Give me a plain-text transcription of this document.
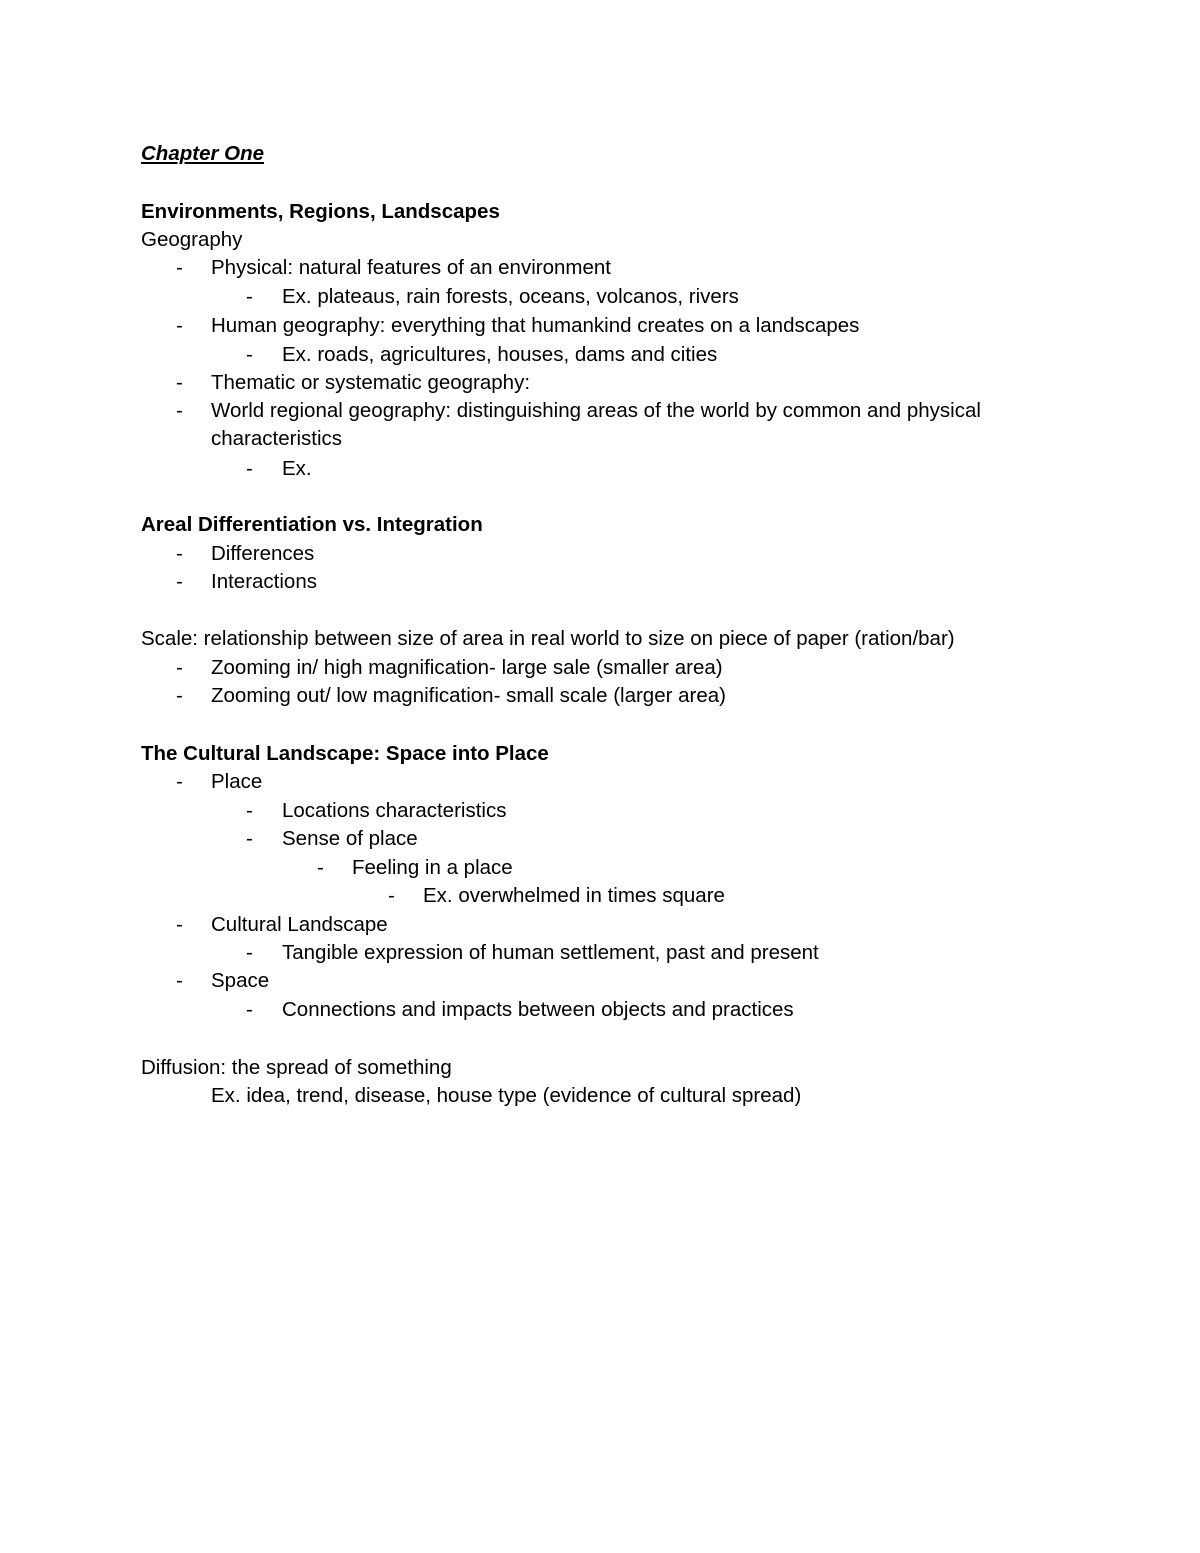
Chapter One
Environments, Regions, Landscapes
Geography
- Physical: natural features of an environment
- Ex. plateaus, rain forests, oceans, volcanos, rivers
- Human geography: everything that humankind creates on a landscapes
- Ex. roads, agricultures, houses, dams and cities
- Thematic or systematic geography:
- World regional geography: distinguishing areas of the world by common and physical
characteristics
- Ex.
Areal Differentiation vs. Integration
- Differences
- Interactions
Scale: relationship between size of area in real world to size on piece of paper (ration/bar)
- Zooming in/ high magnification- large sale (smaller area)
- Zooming out/ low magnification- small scale (larger area)
The Cultural Landscape: Space into Place
- Place
- Locations characteristics
- Sense of place
- Feeling in a place
- Ex. overwhelmed in times square
- Cultural Landscape
- Tangible expression of human settlement, past and present
- Space
- Connections and impacts between objects and practices
Diffusion: the spread of something
Ex. idea, trend, disease, house type (evidence of cultural spread)
